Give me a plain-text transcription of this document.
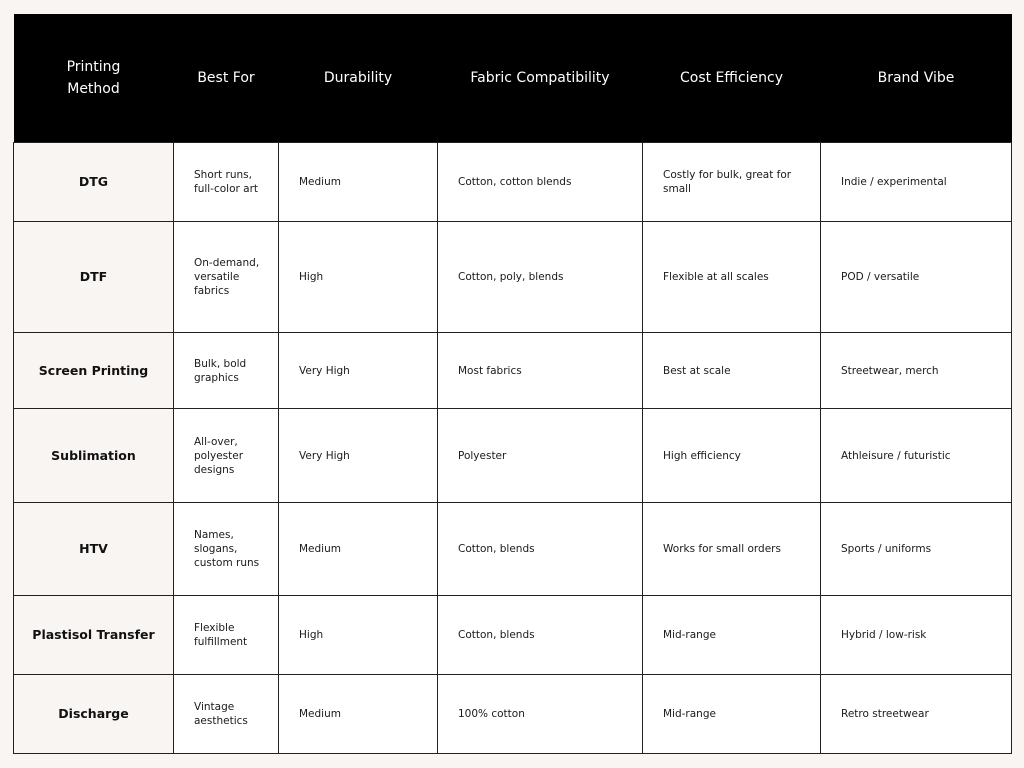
Printing
Method	Best For	Durability	Fabric Compatibility	Cost Efficiency	Brand Vibe
DTG	Short runs, full-color art	Medium	Cotton, cotton blends	Costly for bulk, great for small	Indie / experimental
DTF	On-demand, versatile fabrics	High	Cotton, poly, blends	Flexible at all scales	POD / versatile
Screen Printing	Bulk, bold graphics	Very High	Most fabrics	Best at scale	Streetwear, merch
Sublimation	All-over, polyester designs	Very High	Polyester	High efficiency	Athleisure / futuristic
HTV	Names, slogans, custom runs	Medium	Cotton, blends	Works for small orders	Sports / uniforms
Plastisol Transfer	Flexible fulfillment	High	Cotton, blends	Mid-range	Hybrid / low-risk
Discharge	Vintage aesthetics	Medium	100% cotton	Mid-range	Retro streetwear
